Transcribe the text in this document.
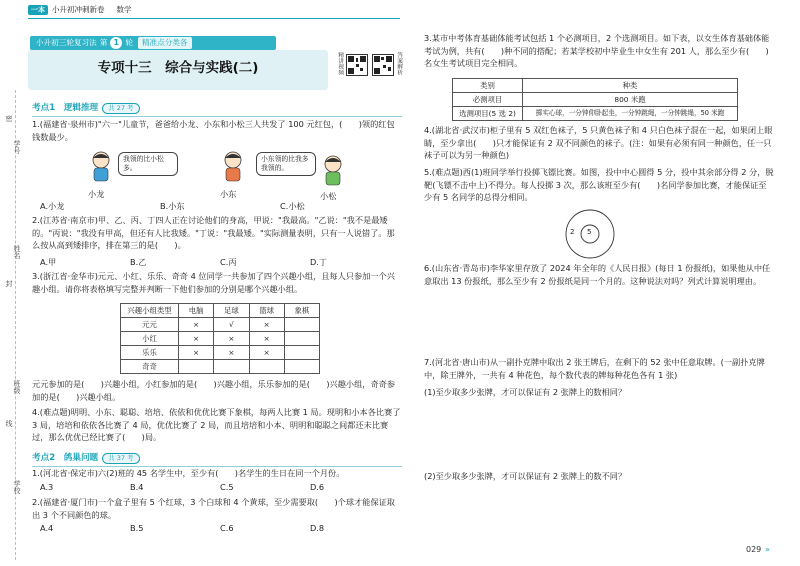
学号
密
姓名
封
班级
线
学校
一本 小升初冲刺新卷 数学
小升初三轮复习法 第 1 轮	精准点分类各
专项十三　综合与实践(二)	精讲视频	答案解析
考点1　逻辑推理	共 27 考
1.(福建省·泉州市)"六一"儿童节，爸爸给小龙、小东和小松三人共发了 100 元红包，(　　)领的红包钱数最少。
我领的比小松多。
小东领的比我多我领的。
小龙	小东	小松
A.小龙	B.小东	C.小松
2.(江苏省·南京市)甲、乙、丙、丁四人正在讨论他们的身高，甲说："我最高。"乙说："我不是最矮的。"丙说："我没有甲高，但还有人比我矮。"丁说："我最矮。"实际测量表明，只有一人说错了。那么按从高到矮排序，排在第三的是(　　)。
A.甲	B.乙	C.丙	D.丁
3.(浙江省·金华市)元元、小红、乐乐、奇奇 4 位同学一共参加了四个兴趣小组，且每人只参加一个兴趣小组。请你将表格填写完整并判断一下他们参加的分别是哪个兴趣小组。
兴趣小组类型	电脑	足球	篮球	象棋
元元	×	√	×	
小红	×	×	×	
乐乐	×	×	×	
奇奇				
元元参加的是(　　)兴趣小组，小红参加的是(　　)兴趣小组，乐乐参加的是(　　)兴趣小组，奇奇参加的是(　　)兴趣小组。
4.(难点题)明明、小东、聪聪、培培、依依和优优比赛下象棋，每两人比赛 1 局。现明和小本各比赛了 3 局，培培和依依各比赛了 4 局，优优比赛了 2 局，而且培培和小本、明明和聪聪之间都还未比赛过，那么优优已经比赛了(　　)局。
考点2　鸽巢问题	共 37 考
1.(河北省·保定市)六(2)班的 45 名学生中，至少有(　　)名学生的生日在同一个月份。
A.3	B.4	C.5	D.6
2.(福建省·厦门市)一个盒子里有 5 个红球，3 个白球和 4 个黄球，至少需要取(　　)个球才能保证取出 3 个不同颜色的球。
A.4	B.5	C.6	D.8
3.某市中考体育基础体能考试包括 1 个必测项目，2 个选测项目。如下表，以女生体育基础体能考试为例，共有(　　)种不同的搭配；若某学校初中毕业生中女生有 201 人，那么至少有(　　)名女生考试项目完全相同。
类别	种类
必测项目	800 米跑
选测项目(5 选 2)	掷实心球，一分钟仰卧起坐，一分钟跳绳，一分钟跳绳，50 米跑
4.(湖北省·武汉市)柜子里有 5 双红色袜子，5 只黄色袜子和 4 只白色袜子混在一起，如果闭上眼睛，至少拿出(　　)只才能保证有 2 双不同颜色的袜子。(注：如果有必须有同一种颜色，任一只袜子可以为另一种颜色)
5.(难点题)西(1)班同学举行投掷飞镖比赛。如图，投中中心圆得 5 分，投中其余部分得 2 分，脱靶(飞镖不击中上)不得分。每人投掷 3 次，那么该班至少有(　　)名同学参加比赛，才能保证至少有 5 名同学的总得分相同。
5
2
6.(山东省·青岛市)李华家里存放了 2024 年全年的《人民日报》(每日 1 份报纸)，如果他从中任意取出 13 份报纸，那么至少有 2 份报纸是同一个月的。这种说法对吗？列式计算说明理由。
7.(河北省·唐山市)从一副扑克牌中取出 2 张王牌后，在剩下的 52 张中任意取牌。(一副扑克牌中，除王牌外，一共有 4 种花色，每个数代表的牌每种花色各有 1 张)
(1)至少取多少张牌，才可以保证有 2 张牌上的数相同？
(2)至少取多少张牌，才可以保证有 2 张牌上的数不同？
029 »
